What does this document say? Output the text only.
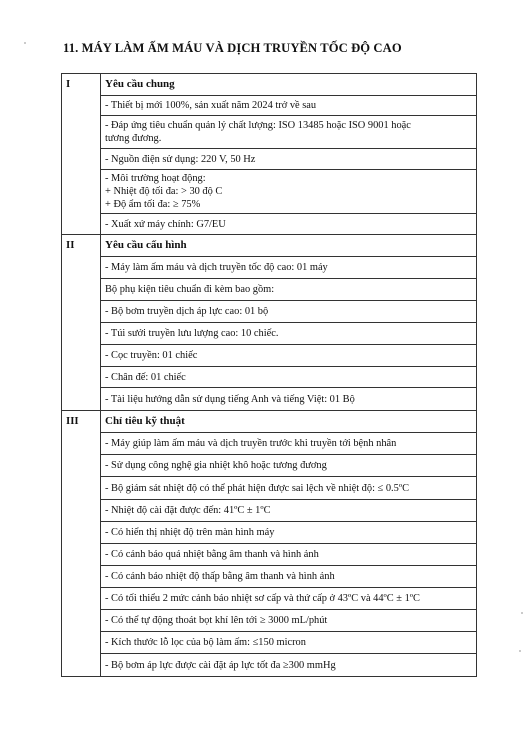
11. MÁY LÀM ẤM MÁU VÀ DỊCH TRUYỀN TỐC ĐỘ CAO
I	Yêu cầu chung

	- Thiết bị mới 100%, sản xuất năm 2024 trở về sau

	- Đáp ứng tiêu chuẩn quản lý chất lượng: ISO 13485 hoặc ISO 9001 hoặc
tương đương.

	- Nguồn điện sử dụng: 220 V, 50 Hz

	- Môi trường hoạt động:
+ Nhiệt độ tối đa: > 30 độ C
+ Độ ẩm tối đa: ≥ 75%

	- Xuất xứ máy chính: G7/EU

II	Yêu cầu cấu hình

	- Máy làm ấm máu và dịch truyền tốc độ cao: 01 máy

	Bộ phụ kiện tiêu chuẩn đi kèm bao gồm:

	- Bộ bơm truyền dịch áp lực cao: 01 bộ

	- Túi sưởi truyền lưu lượng cao: 10 chiếc.

	- Cọc truyền: 01 chiếc

	- Chân đế: 01 chiếc

	- Tài liệu hướng dẫn sử dụng tiếng Anh và tiếng Việt: 01 Bộ

III	Chỉ tiêu kỹ thuật

	- Máy giúp làm ấm máu và dịch truyền trước khi truyền tới bệnh nhân

	- Sử dụng công nghệ gia nhiệt khô hoặc tương đương

	- Bộ giám sát nhiệt độ có thể phát hiện được sai lệch về nhiệt độ: ≤ 0.5ºC

	- Nhiệt độ cài đặt được đến: 41ºC ± 1ºC

	- Có hiển thị nhiệt độ trên màn hình máy

	- Có cảnh báo quá nhiệt bằng âm thanh và hình ảnh

	- Có cảnh báo nhiệt độ thấp bằng âm thanh và hình ảnh

	- Có tối thiểu 2 mức cảnh báo nhiệt sơ cấp và thứ cấp ở 43ºC và 44ºC ± 1ºC

	- Có thể tự động thoát bọt khí lên tới ≥ 3000 mL/phút

	- Kích thước lỗ lọc của bộ làm ấm: ≤150 micron

	- Bộ bơm áp lực được cài đặt áp lực tốt đa ≥300 mmHg
